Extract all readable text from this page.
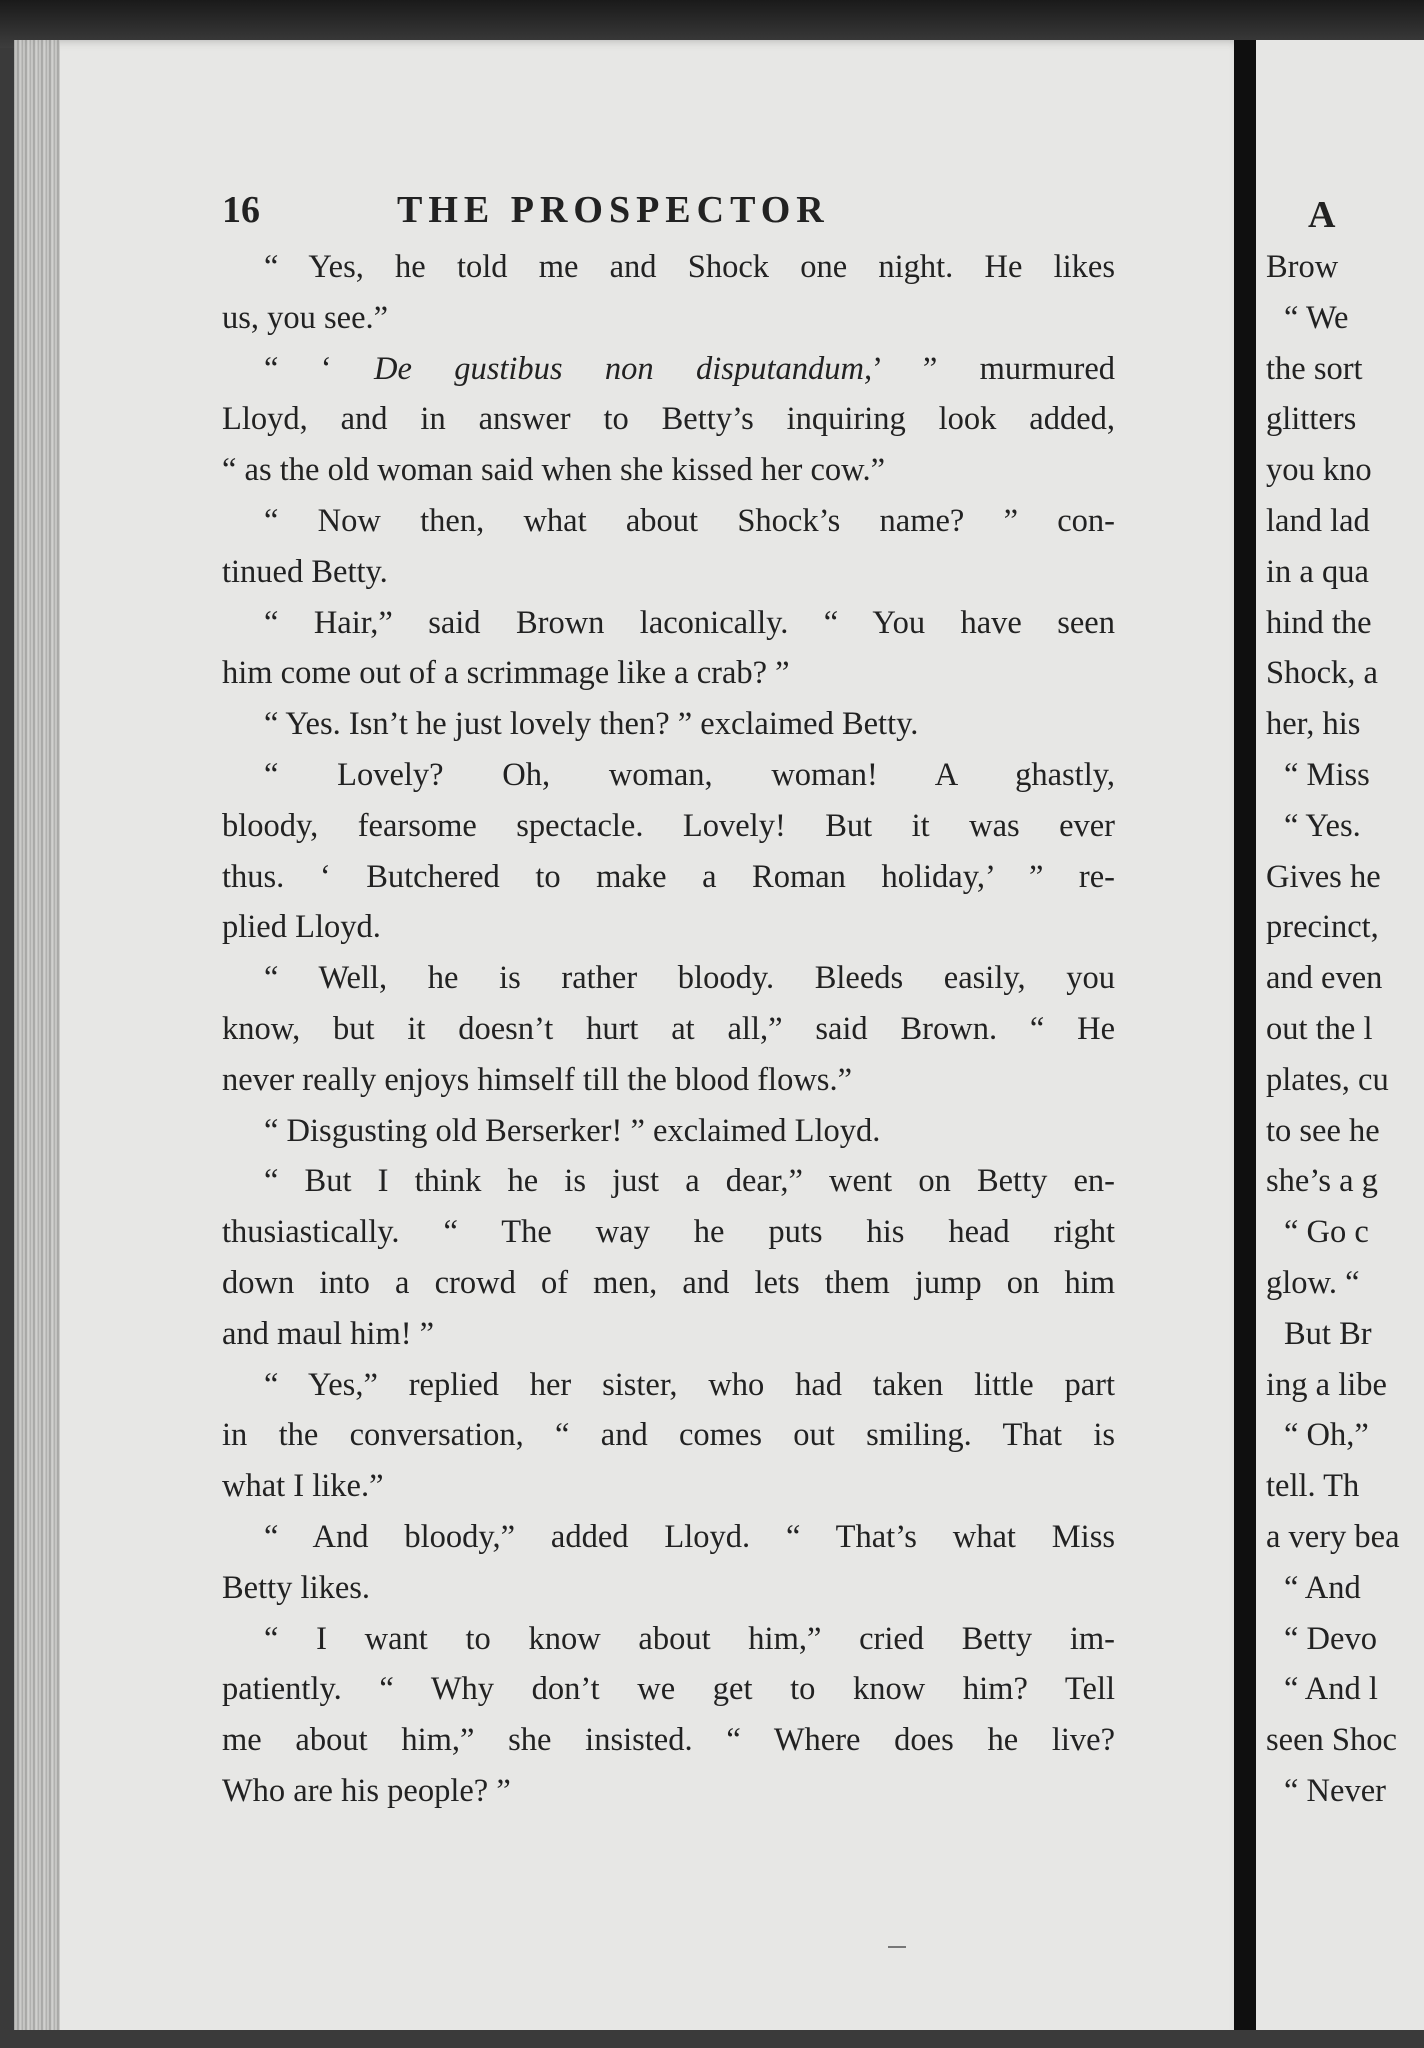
16	THE PROSPECTOR

“ Yes, he told me and Shock one night. He likes
us, you see.”

“ ‘ De gustibus non disputandum,’ ” murmured
Lloyd, and in answer to Betty’s inquiring look added,
“ as the old woman said when she kissed her cow.”

“ Now then, what about Shock’s name? ” con-
tinued Betty.

“ Hair,” said Brown laconically. “ You have seen
him come out of a scrimmage like a crab? ”

“ Yes. Isn’t he just lovely then? ” exclaimed Betty.

“ Lovely? Oh, woman, woman! A ghastly,
bloody, fearsome spectacle. Lovely! But it was ever
thus. ‘ Butchered to make a Roman holiday,’ ” re-
plied Lloyd.

“ Well, he is rather bloody. Bleeds easily, you
know, but it doesn’t hurt at all,” said Brown. “ He
never really enjoys himself till the blood flows.”

“ Disgusting old Berserker! ” exclaimed Lloyd.

“ But I think he is just a dear,” went on Betty en-
thusiastically. “ The way he puts his head right
down into a crowd of men, and lets them jump on him
and maul him! ”

“ Yes,” replied her sister, who had taken little part
in the conversation, “ and comes out smiling. That is
what I like.”

“ And bloody,” added Lloyd. “ That’s what Miss
Betty likes.

“ I want to know about him,” cried Betty im-
patiently. “ Why don’t we get to know him? Tell
me about him,” she insisted. “ Where does he live?
Who are his people? ”

A
Brow
“ We
the sort
glitters
you kno
land lad
in a qua
hind the
Shock, a
her, his
“ Miss
“ Yes.
Gives he
precinct,
and even
out the l
plates, cu
to see he
she’s a g
“ Go c
glow. “
But Br
ing a libe
“ Oh,”
tell. Th
a very bea
“ And
“ Devo
“ And l
seen Shoc
“ Never
